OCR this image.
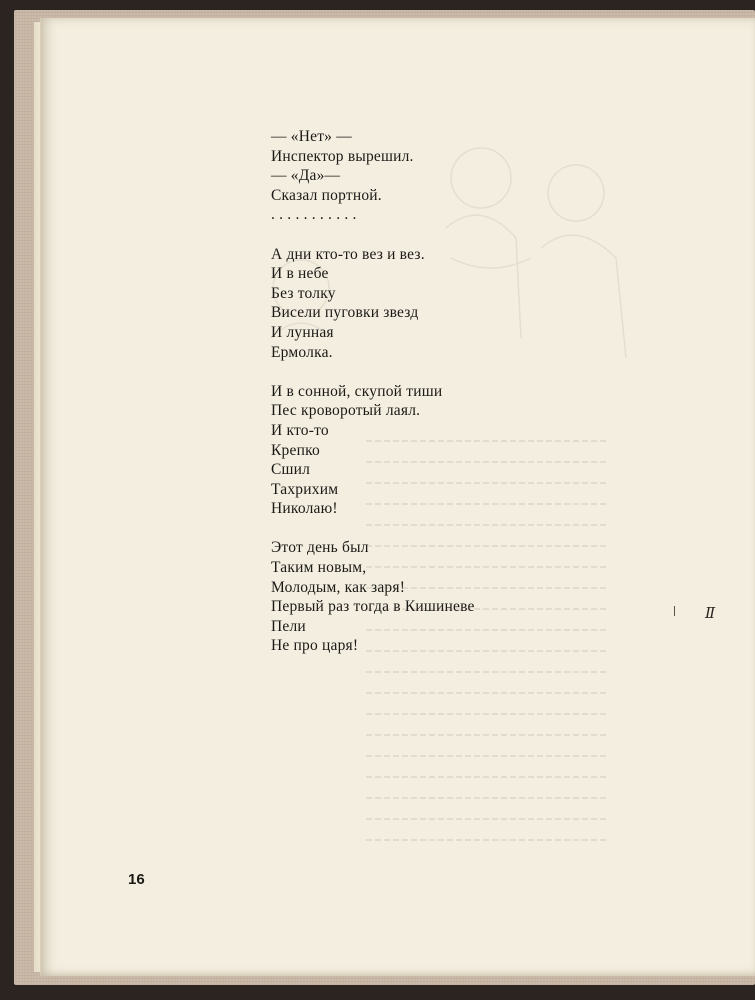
— «Нет» —
Инспектор вырешил.
— «Да»—
Сказал портной.
. . . . . . . . . . .
А дни кто-то вез и вез.
И в небе
Без толку
Висели пуговки звезд
И лунная
Ермолка.
И в сонной, скупой тиши
Пес кроворотый лаял.
И кто-то
Крепко
Сшил
Тахрихим
Николаю!
Этот день был
Таким новым,
Молодым, как заря!
Первый раз тогда в Кишиневе
Пели
Не про царя!
16
Ⅱ
